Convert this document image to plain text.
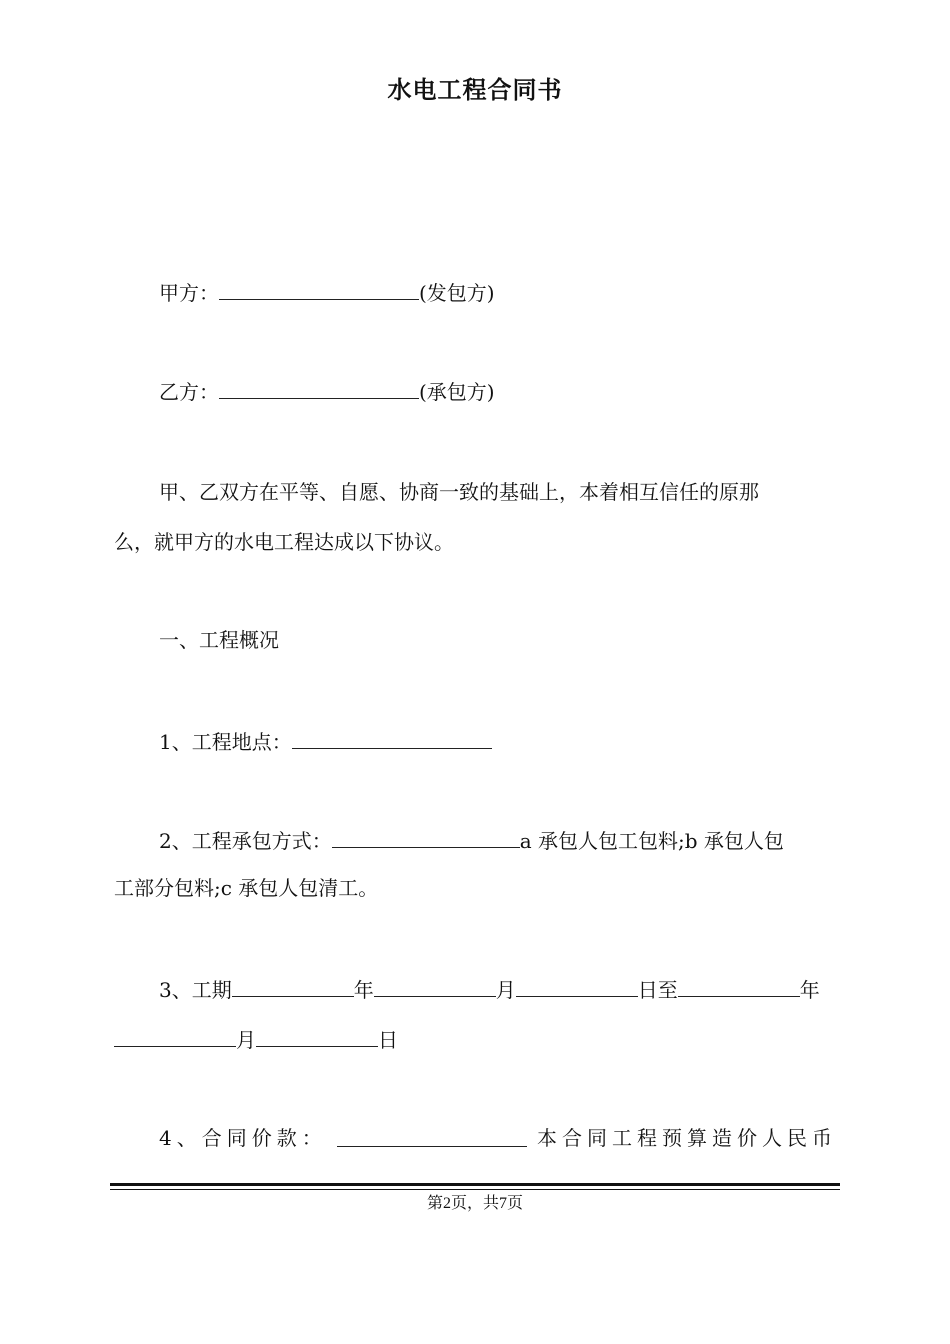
水电工程合同书
甲方：	(发包方)
乙方：	(承包方)
甲、乙双方在平等、自愿、协商一致的基础上，本着相互信任的原那
么，就甲方的水电工程达成以下协议。
一、工程概况
1、工程地点：
2、工程承包方式：	a 承包人包工包料;b 承包人包
工部分包料;c 承包人包清工。
3、工期	年	月	日至	年
月	日
4、合同价款：	本合同工程预算造价人民币
第2页，共7页
